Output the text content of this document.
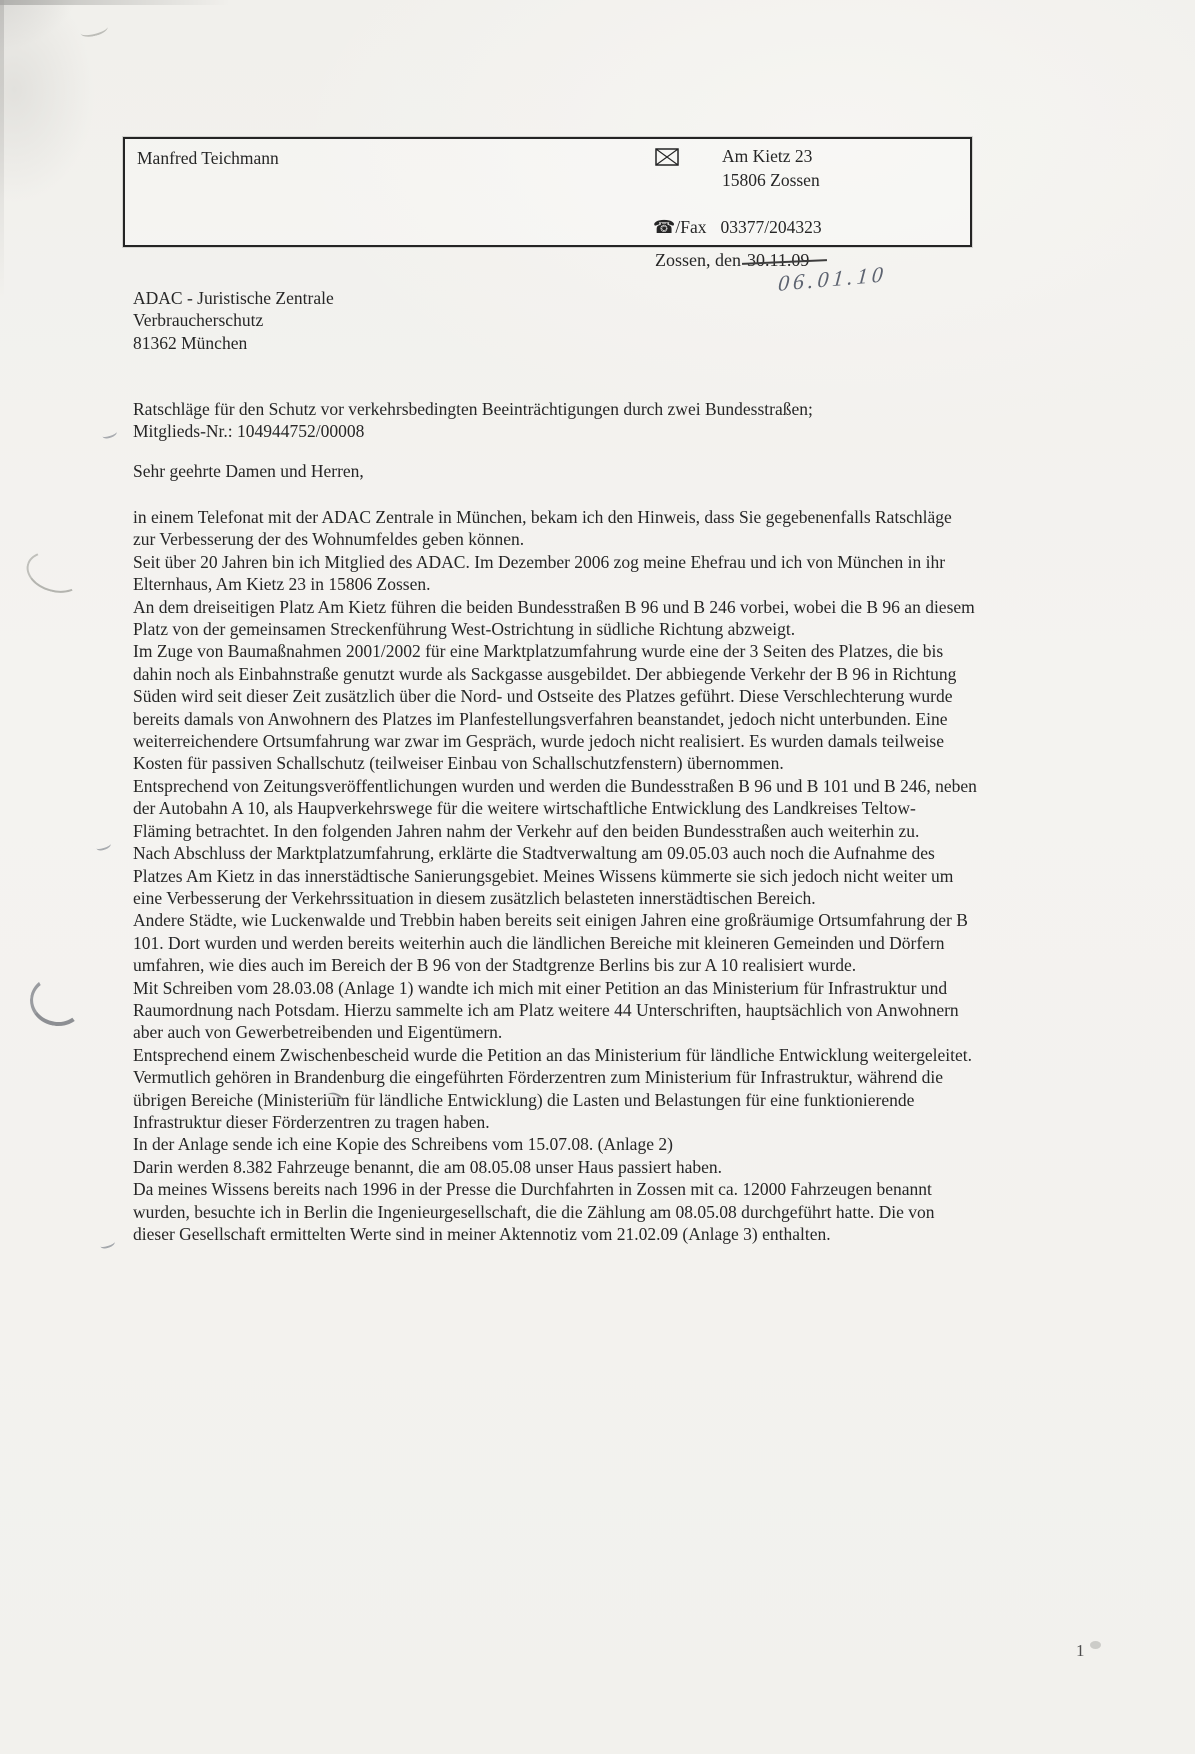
Manfred Teichmann	Am Kietz 23
15806 Zossen
☎/Fax 03377/204323
Zossen, den 30.11.09
06.01.10
ADAC - Juristische Zentrale
Verbraucherschutz
81362 München
Ratschläge für den Schutz vor verkehrsbedingten Beeinträchtigungen durch zwei Bundesstraßen;
Mitglieds-Nr.: 104944752/00008
Sehr geehrte Damen und Herren,

in einem Telefonat mit der ADAC Zentrale in München, bekam ich den Hinweis, dass Sie gegebenenfalls Ratschläge zur Verbesserung der des Wohnumfeldes geben können.

Seit über 20 Jahren bin ich Mitglied des ADAC. Im Dezember 2006 zog meine Ehefrau und ich von München in ihr Elternhaus, Am Kietz 23 in 15806 Zossen.

An dem dreiseitigen Platz Am Kietz führen die beiden Bundesstraßen B 96 und B 246 vorbei, wobei die B 96 an diesem Platz von der gemeinsamen Streckenführung West-Ostrichtung in südliche Richtung abzweigt.

Im Zuge von Baumaßnahmen 2001/2002 für eine Marktplatzumfahrung wurde eine der 3 Seiten des Platzes, die bis dahin noch als Einbahnstraße genutzt wurde als Sackgasse ausgebildet. Der abbiegende Verkehr der B 96 in Richtung Süden wird seit dieser Zeit zusätzlich über die Nord- und Ostseite des Platzes geführt. Diese Verschlechterung wurde bereits damals von Anwohnern des Platzes im Planfestellungsverfahren beanstandet, jedoch nicht unterbunden. Eine weiterreichendere Ortsumfahrung war zwar im Gespräch, wurde jedoch nicht realisiert. Es wurden damals teilweise Kosten für passiven Schallschutz (teilweiser Einbau von Schallschutzfenstern) übernommen.

Entsprechend von Zeitungsveröffentlichungen wurden und werden die Bundesstraßen B 96 und B 101 und B 246, neben der Autobahn A 10, als Haupverkehrswege für die weitere wirtschaftliche Entwicklung des Landkreises Teltow- Fläming betrachtet. In den folgenden Jahren nahm der Verkehr auf den beiden Bundesstraßen auch weiterhin zu.

Nach Abschluss der Marktplatzumfahrung, erklärte die Stadtverwaltung am 09.05.03 auch noch die Aufnahme des Platzes Am Kietz in das innerstädtische Sanierungsgebiet. Meines Wissens kümmerte sie sich jedoch nicht weiter um eine Verbesserung der Verkehrssituation in diesem zusätzlich belasteten innerstädtischen Bereich.

Andere Städte, wie Luckenwalde und Trebbin haben bereits seit einigen Jahren eine großräumige Ortsumfahrung der B 101. Dort wurden und werden bereits weiterhin auch die ländlichen Bereiche mit kleineren Gemeinden und Dörfern umfahren, wie dies auch im Bereich der B 96 von der Stadtgrenze Berlins bis zur A 10 realisiert wurde.

Mit Schreiben vom 28.03.08 (Anlage 1) wandte ich mich mit einer Petition an das Ministerium für Infrastruktur und Raumordnung nach Potsdam. Hierzu sammelte ich am Platz weitere 44 Unterschriften, hauptsächlich von Anwohnern aber auch von Gewerbetreibenden und Eigentümern.

Entsprechend einem Zwischenbescheid wurde die Petition an das Ministerium für ländliche Entwicklung weitergeleitet.

Vermutlich gehören in Brandenburg die eingeführten Förderzentren zum Ministerium für Infrastruktur, während die übrigen Bereiche (Ministerium für ländliche Entwicklung) die Lasten und Belastungen für eine funktionierende Infrastruktur dieser Förderzentren zu tragen haben.

In der Anlage sende ich eine Kopie des Schreibens vom 15.07.08. (Anlage 2)

Darin werden 8.382 Fahrzeuge benannt, die am 08.05.08 unser Haus passiert haben.

Da meines Wissens bereits nach 1996 in der Presse die Durchfahrten in Zossen mit ca. 12000 Fahrzeugen benannt wurden, besuchte ich in Berlin die Ingenieurgesellschaft, die die Zählung am 08.05.08 durchgeführt hatte. Die von dieser Gesellschaft ermittelten Werte sind in meiner Aktennotiz vom 21.02.09 (Anlage 3) enthalten.

1
